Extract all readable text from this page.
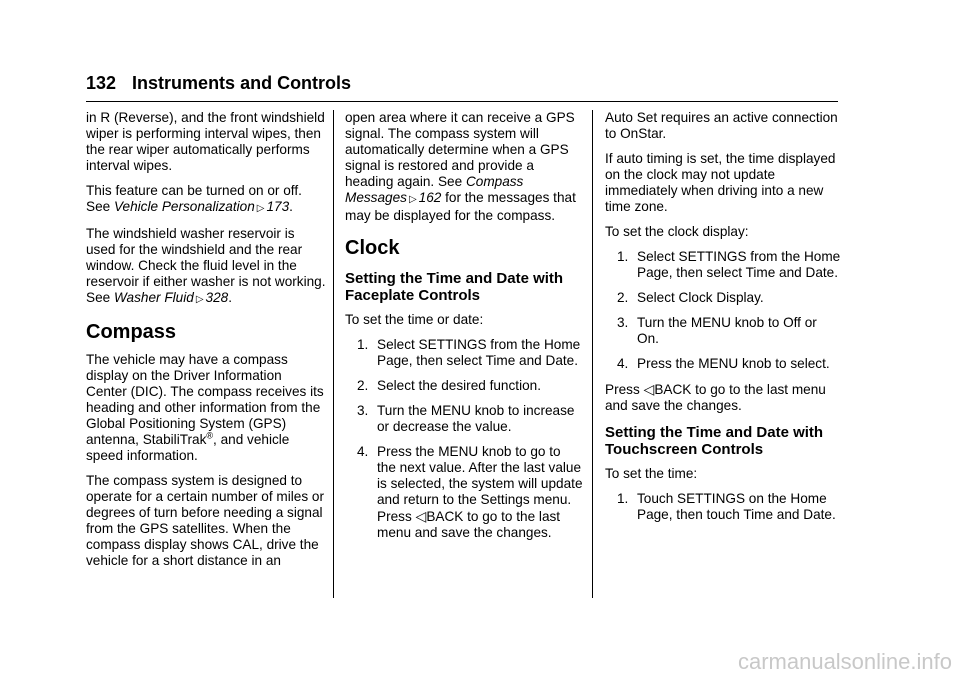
132 Instruments and Controls

in R (Reverse), and the front windshield wiper is performing interval wipes, then the rear wiper automatically performs interval wipes.

This feature can be turned on or off. See Vehicle Personalization ▷ 173.

The windshield washer reservoir is used for the windshield and the rear window. Check the fluid level in the reservoir if either washer is not working. See Washer Fluid ▷ 328.

Compass

The vehicle may have a compass display on the Driver Information Center (DIC). The compass receives its heading and other information from the Global Positioning System (GPS) antenna, StabiliTrak®, and vehicle speed information.

The compass system is designed to operate for a certain number of miles or degrees of turn before needing a signal from the GPS satellites. When the compass display shows CAL, drive the vehicle for a short distance in an

open area where it can receive a GPS signal. The compass system will automatically determine when a GPS signal is restored and provide a heading again. See Compass Messages ▷ 162 for the messages that may be displayed for the compass.

Clock
Setting the Time and Date with Faceplate Controls

To set the time or date:

1. Select SETTINGS from the Home Page, then select Time and Date.
2. Select the desired function.
3. Turn the MENU knob to increase or decrease the value.
4. Press the MENU knob to go to the next value. After the last value is selected, the system will update and return to the Settings menu. Press ◁BACK to go to the last menu and save the changes.

Auto Set requires an active connection to OnStar.

If auto timing is set, the time displayed on the clock may not update immediately when driving into a new time zone.

To set the clock display:

1. Select SETTINGS from the Home Page, then select Time and Date.
2. Select Clock Display.
3. Turn the MENU knob to Off or On.
4. Press the MENU knob to select.

Press ◁BACK to go to the last menu and save the changes.

Setting the Time and Date with Touchscreen Controls

To set the time:

1. Touch SETTINGS on the Home Page, then touch Time and Date.
carmanualsonline.info
